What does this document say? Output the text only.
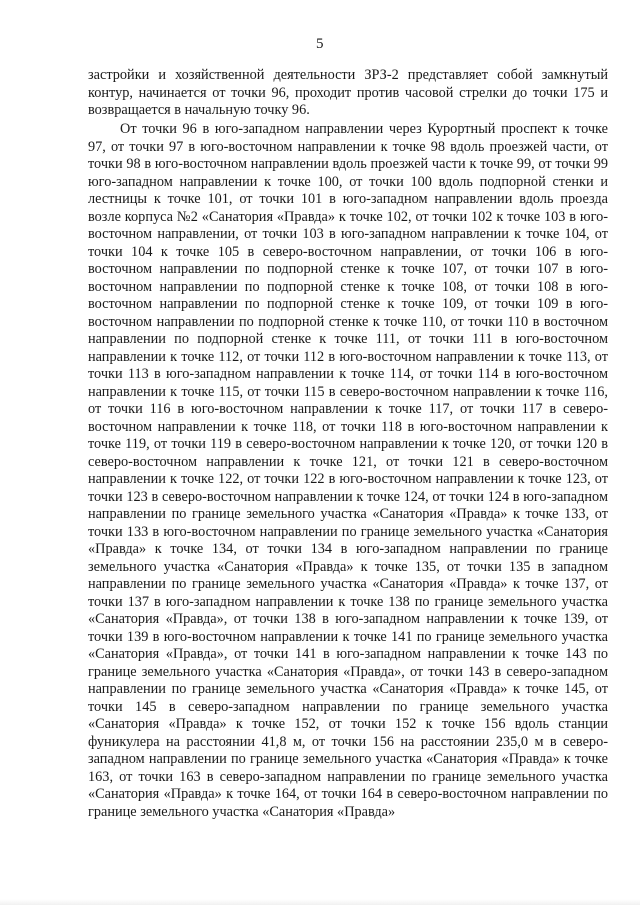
5

застройки и хозяйственной деятельности ЗРЗ-2 представляет собой замкнутый контур, начинается от точки 96, проходит против часовой стрелки до точки 175 и возвращается в начальную точку 96.

От точки 96 в юго-западном направлении через Курортный проспект к точке 97, от точки 97 в юго-восточном направлении к точке 98 вдоль проезжей части, от точки 98 в юго-восточном направлении вдоль проезжей части к точке 99, от точки 99 юго-западном направлении к точке 100, от точки 100 вдоль подпорной стенки и лестницы к точке 101, от точки 101 в юго-западном направлении вдоль проезда возле корпуса №2 «Санатория «Правда» к точке 102, от точки 102 к точке 103 в юго-восточном направлении, от точки 103 в юго-западном направлении к точке 104, от точки 104 к точке 105 в северо-восточном направлении, от точки 106 в юго-восточном направлении по подпорной стенке к точке 107, от точки 107 в юго-восточном направлении по подпорной стенке к точке 108, от точки 108 в юго-восточном направлении по подпорной стенке к точке 109, от точки 109 в юго-восточном направлении по подпорной стенке к точке 110, от точки 110 в восточном направлении по подпорной стенке к точке 111, от точки 111 в юго-восточном направлении к точке 112, от точки 112 в юго-восточном направлении к точке 113, от точки 113 в юго-западном направлении к точке 114, от точки 114 в юго-восточном направлении к точке 115, от точки 115 в северо-восточном направлении к точке 116, от точки 116 в юго-восточном направлении к точке 117, от точки 117 в северо-восточном направлении к точке 118, от точки 118 в юго-восточном направлении к точке 119, от точки 119 в северо-восточном направлении к точке 120, от точки 120 в северо-восточном направлении к точке 121, от точки 121 в северо-восточном направлении к точке 122, от точки 122 в юго-восточном направлении к точке 123, от точки 123 в северо-восточном направлении к точке 124, от точки 124 в юго-западном направлении по границе земельного участка «Санатория «Правда» к точке 133, от точки 133 в юго-восточном направлении по границе земельного участка «Санатория «Правда» к точке 134, от точки 134 в юго-западном направлении по границе земельного участка «Санатория «Правда» к точке 135, от точки 135 в западном направлении по границе земельного участка «Санатория «Правда» к точке 137, от точки 137 в юго-западном направлении к точке 138 по границе земельного участка «Санатория «Правда», от точки 138 в юго-западном направлении к точке 139, от точки 139 в юго-восточном направлении к точке 141 по границе земельного участка «Санатория «Правда», от точки 141 в юго-западном направлении к точке 143 по границе земельного участка «Санатория «Правда», от точки 143 в северо-западном направлении по границе земельного участка «Санатория «Правда» к точке 145, от точки 145 в северо-западном направлении по границе земельного участка «Санатория «Правда» к точке 152, от точки 152 к точке 156 вдоль станции фуникулера на расстоянии 41,8 м, от точки 156 на расстоянии 235,0 м в северо-западном направлении по границе земельного участка «Санатория «Правда» к точке 163, от точки 163 в северо-западном направлении по границе земельного участка «Санатория «Правда» к точке 164, от точки 164 в северо-восточном направлении по границе земельного участка «Санатория «Правда»
